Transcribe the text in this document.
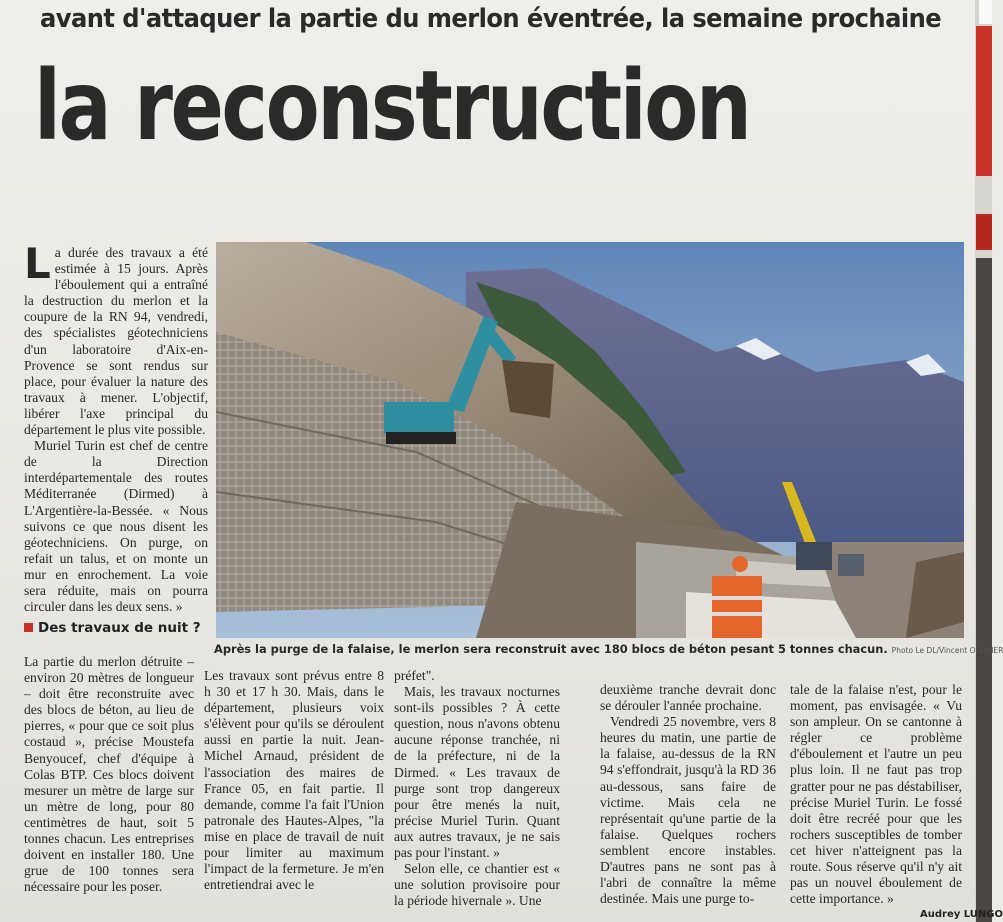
avant d'attaquer la partie du merlon éventrée, la semaine prochaine
la reconstruction

La durée des travaux a été estimée à 15 jours. Après l'éboulement qui a entraîné la destruction du merlon et la coupure de la RN 94, vendredi, des spécialistes géotechniciens d'un laboratoire d'Aix-en-Provence se sont rendus sur place, pour évaluer la nature des travaux à mener. L'objectif, libérer l'axe principal du département le plus vite possible.

Muriel Turin est chef de centre de la Direction interdépartementale des routes Méditerranée (Dirmed) à L'Argentière-la-Bessée. « Nous suivons ce que nous disent les géotechniciens. On purge, on refait un talus, et on monte un mur en enrochement. La voie sera réduite, mais on pourra circuler dans les deux sens. »

Des travaux de nuit ?
Après la purge de la falaise, le merlon sera reconstruit avec 180 blocs de béton pesant 5 tonnes chacun. Photo Le DL/Vincent OLLIVIER

La partie du merlon détruite – environ 20 mètres de longueur – doit être reconstruite avec des blocs de béton, au lieu de pierres, « pour que ce soit plus costaud », précise Moustefa Benyoucef, chef d'équipe à Colas BTP. Ces blocs doivent mesurer un mètre de large sur un mètre de long, pour 80 centimètres de haut, soit 5 tonnes chacun. Les entreprises doivent en installer 180. Une grue de 100 tonnes sera nécessaire pour les poser.

Les travaux sont prévus entre 8 h 30 et 17 h 30. Mais, dans le département, plusieurs voix s'élèvent pour qu'ils se déroulent aussi en partie la nuit. Jean-Michel Arnaud, président de l'association des maires de France 05, en fait partie. Il demande, comme l'a fait l'Union patronale des Hautes-Alpes, "la mise en place de travail de nuit pour limiter au maximum l'impact de la fermeture. Je m'en entretiendrai avec le

préfet".

Mais, les travaux nocturnes sont-ils possibles ? À cette question, nous n'avons obtenu aucune réponse tranchée, ni de la préfecture, ni de la Dirmed. « Les travaux de purge sont trop dangereux pour être menés la nuit, précise Muriel Turin. Quant aux autres travaux, je ne sais pas pour l'instant. »

Selon elle, ce chantier est « une solution provisoire pour la période hivernale ». Une

deuxième tranche devrait donc se dérouler l'année prochaine.

Vendredi 25 novembre, vers 8 heures du matin, une partie de la falaise, au-dessus de la RN 94 s'effondrait, jusqu'à la RD 36 au-dessous, sans faire de victime. Mais cela ne représentait qu'une partie de la falaise. Quelques rochers semblent encore instables. D'autres pans ne sont pas à l'abri de connaître la même destinée. Mais une purge to-

tale de la falaise n'est, pour le moment, pas envisagée. « Vu son ampleur. On se cantonne à régler ce problème d'éboulement et l'autre un peu plus loin. Il ne faut pas trop gratter pour ne pas déstabiliser, précise Muriel Turin. Le fossé doit être recréé pour que les rochers susceptibles de tomber cet hiver n'atteignent pas la route. Sous réserve qu'il n'y ait pas un nouvel éboulement de cette importance. »

Audrey LUNGO
